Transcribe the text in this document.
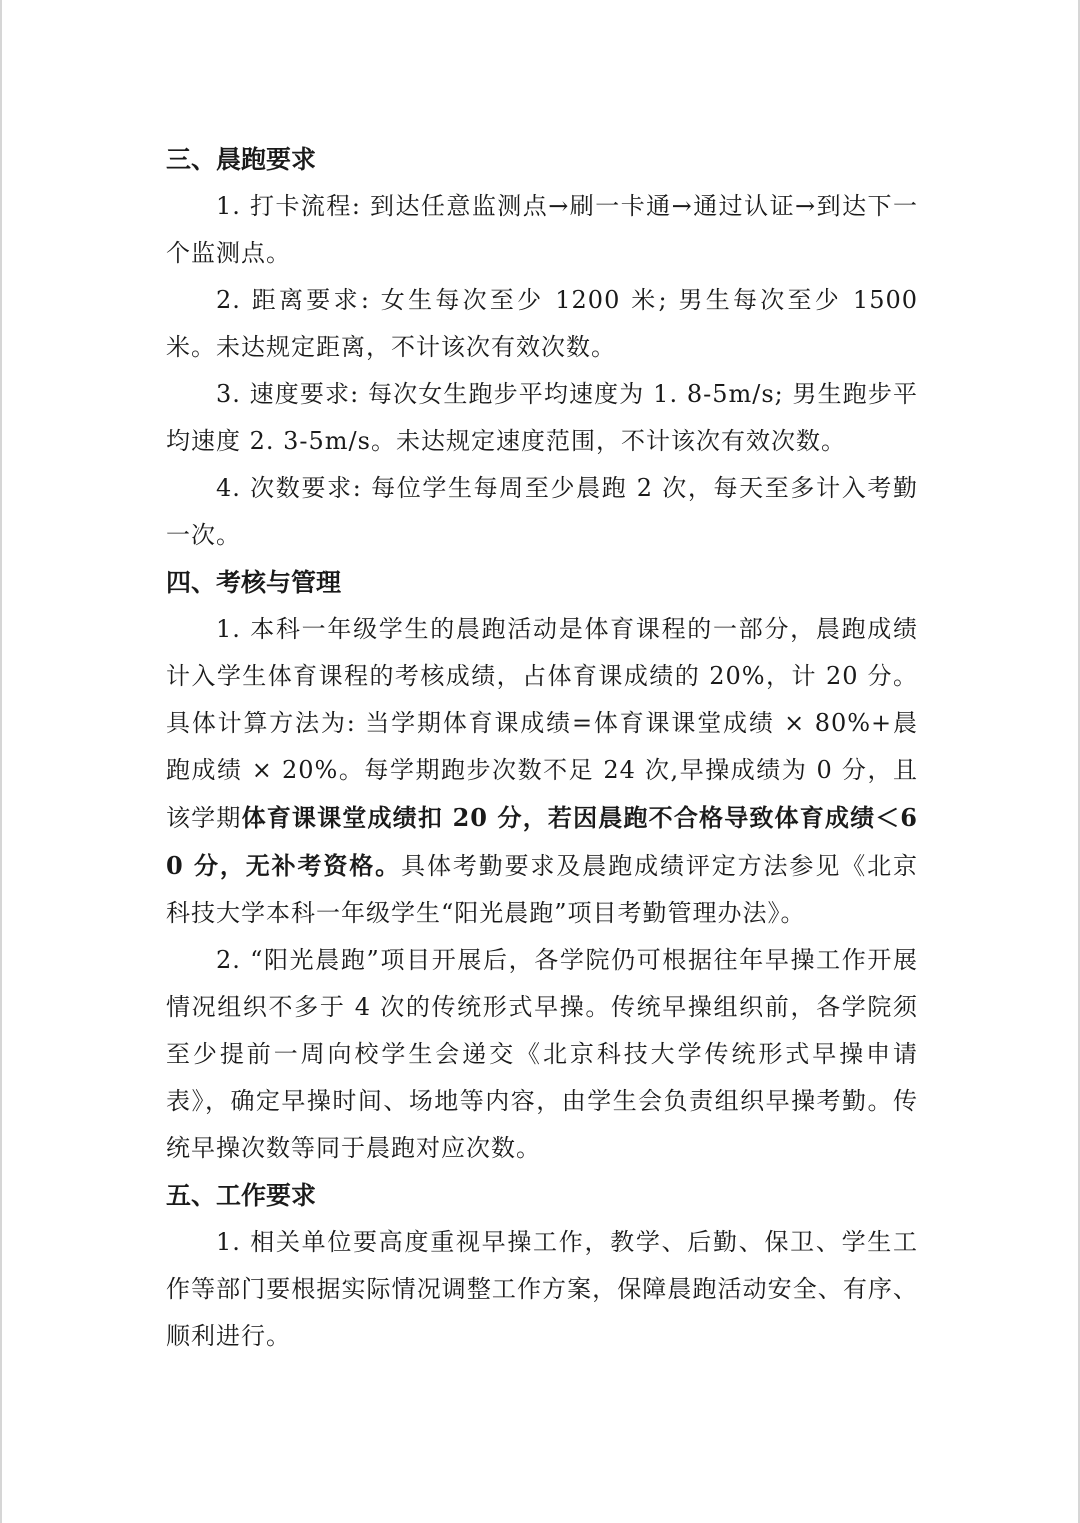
三、晨跑要求

1. 打卡流程: 到达任意监测点→刷一卡通→通过认证→到达下一个监测点。

2. 距离要求: 女生每次至少 1200 米; 男生每次至少 1500 米。未达规定距离，不计该次有效次数。

3. 速度要求: 每次女生跑步平均速度为 1. 8-5m/s; 男生跑步平均速度 2. 3-5m/s。未达规定速度范围，不计该次有效次数。

4. 次数要求: 每位学生每周至少晨跑 2 次，每天至多计入考勤一次。

四、考核与管理

1. 本科一年级学生的晨跑活动是体育课程的一部分，晨跑成绩计入学生体育课程的考核成绩，占体育课成绩的 20%，计 20 分。具体计算方法为: 当学期体育课成绩=体育课课堂成绩 × 80%+晨跑成绩 × 20%。每学期跑步次数不足 24 次,早操成绩为 0 分，且该学期体育课课堂成绩扣 20 分，若因晨跑不合格导致体育成绩＜60 分，无补考资格。具体考勤要求及晨跑成绩评定方法参见《北京科技大学本科一年级学生“阳光晨跑”项目考勤管理办法》。

2. “阳光晨跑”项目开展后，各学院仍可根据往年早操工作开展情况组织不多于 4 次的传统形式早操。传统早操组织前，各学院须至少提前一周向校学生会递交《北京科技大学传统形式早操申请表》，确定早操时间、场地等内容，由学生会负责组织早操考勤。传统早操次数等同于晨跑对应次数。

五、工作要求

1. 相关单位要高度重视早操工作，教学、后勤、保卫、学生工作等部门要根据实际情况调整工作方案，保障晨跑活动安全、有序、顺利进行。
